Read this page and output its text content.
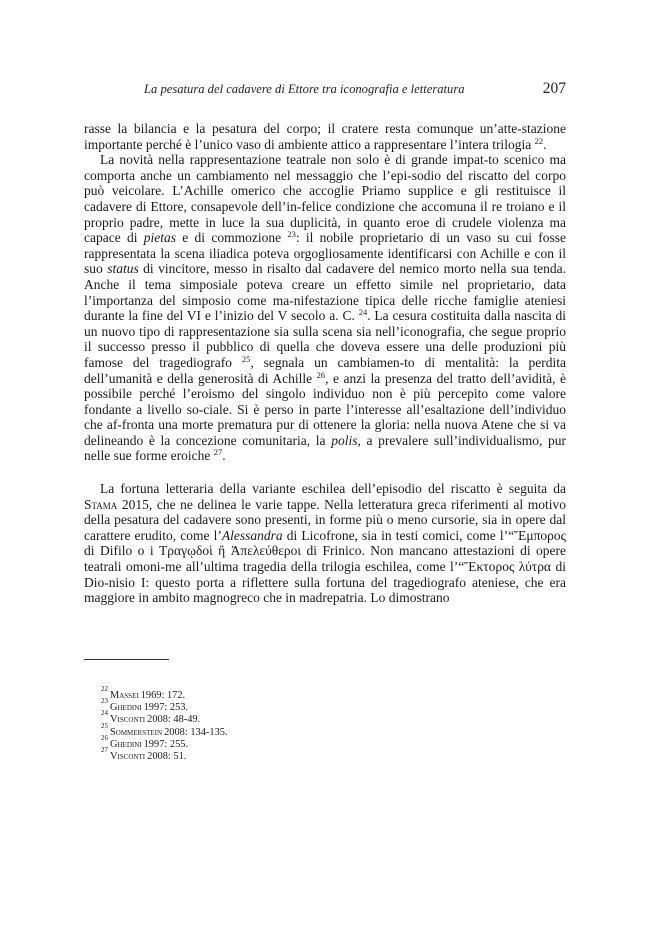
La pesatura del cadavere di Ettore tra iconografia e letteratura	207

rasse la bilancia e la pesatura del corpo; il cratere resta comunque un’atte-stazione importante perché è l’unico vaso di ambiente attico a rappresentare l’intera trilogia $^{22}$.

La novità nella rappresentazione teatrale non solo è di grande impat-to scenico ma comporta anche un cambiamento nel messaggio che l’epi-sodio del riscatto del corpo può veicolare. L’Achille omerico che accoglie Priamo supplice e gli restituisce il cadavere di Ettore, consapevole dell’in-felice condizione che accomuna il re troiano e il proprio padre, mette in luce la sua duplicità, in quanto eroe di crudele violenza ma capace di pietas e di commozione $^{23}$: il nobile proprietario di un vaso su cui fosse rappresentata la scena iliadica poteva orgogliosamente identificarsi con Achille e con il suo status di vincitore, messo in risalto dal cadavere del nemico morto nella sua tenda. Anche il tema simposiale poteva creare un effetto simile nel proprietario, data l’importanza del simposio come ma-nifestazione tipica delle ricche famiglie ateniesi durante la fine del VI e l’inizio del V secolo a. C. $^{24}$. La cesura costituita dalla nascita di un nuovo tipo di rappresentazione sia sulla scena sia nell’iconografia, che segue proprio il successo presso il pubblico di quella che doveva essere una delle produzioni più famose del tragediografo $^{25}$, segnala un cambiamen-to di mentalità: la perdita dell’umanità e della generosità di Achille $^{26}$, e anzi la presenza del tratto dell’avidità, è possibile perché l’eroismo del singolo individuo non è più percepito come valore fondante a livello so-ciale. Si è perso in parte l’interesse all’esaltazione dell’individuo che af-fronta una morte prematura pur di ottenere la gloria: nella nuova Atene che si va delineando è la concezione comunitaria, la polis, a prevalere sull’individualismo, pur nelle sue forme eroiche $^{27}$.

La fortuna letteraria della variante eschilea dell’episodio del riscatto è seguita da Stama 2015, che ne delinea le varie tappe. Nella letteratura greca riferimenti al motivo della pesatura del cadavere sono presenti, in forme più o meno cursorie, sia in opere dal carattere erudito, come l’Alessandra di Licofrone, sia in testi comici, come l’“Ἔμπορος di Difilo o i Τραγῳδοὶ ἢ Ἀπελεύθεροι di Frinico. Non mancano attestazioni di opere teatrali omoni-me all’ultima tragedia della trilogia eschilea, come l’“Ἕκτορος λύτρα di Dio-nisio I: questo porta a riflettere sulla fortuna del tragediografo ateniese, che era maggiore in ambito magnogreco che in madrepatria. Lo dimostrano

22
Massei 1969: 172.
23
Ghedini 1997: 253.
24
Visconti 2008: 48-49.
25
Sommerstein 2008: 134-135.
26
Ghedini 1997: 255.
27
Visconti 2008: 51.
